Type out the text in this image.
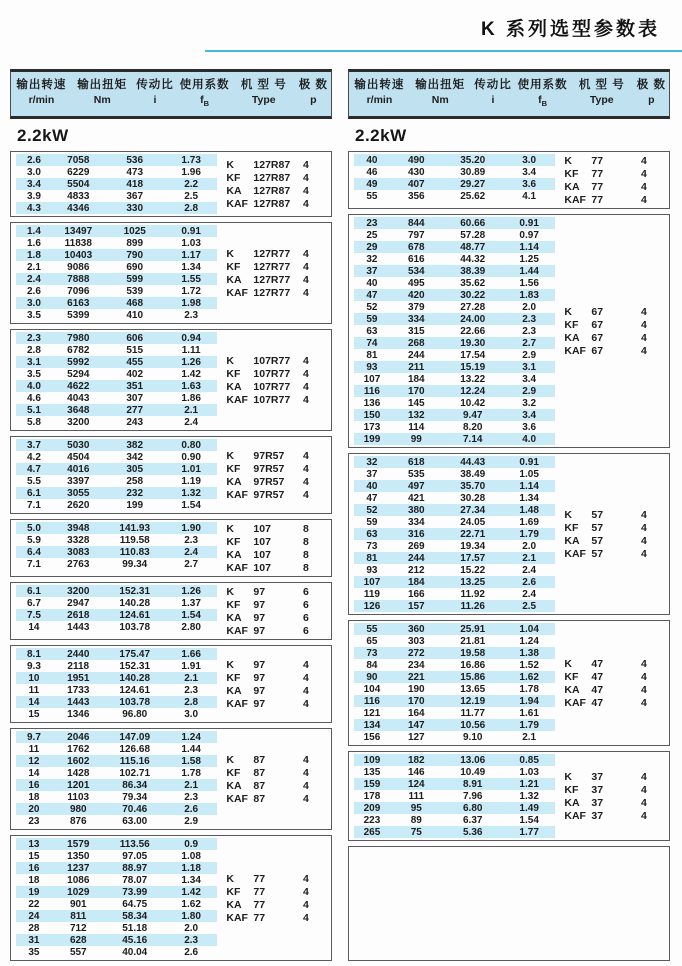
K 系列选型参数表
输出转速 输出扭矩 传动比 使用系数 机 型 号	极 数
r/min	Nm	i	$f_B$	Type	p
2.2kW
2.6	7058	536	1.73
3.0	6229	473	1.96
3.4	5504	418	2.2
3.9	4833	367	2.5
4.3	4346	330	2.8
K	127R87	4
KF	127R87	4
KA	127R87	4
KAF 127R87	4
1.4	13497	1025	0.91
1.6	11838	899	1.03
1.8	10403	790	1.17
2.1	9086	690	1.34
2.4	7888	599	1.55
2.6	7096	539	1.72
3.0	6163	468	1.98
3.5	5399	410	2.3
K	127R77	4
KF	127R77	4
KA	127R77	4
KAF 127R77	4
2.3	7980	606	0.94
2.8	6782	515	1.11
3.1	5992	455	1.26
3.5	5294	402	1.42
4.0	4622	351	1.63
4.6	4043	307	1.86
5.1	3648	277	2.1
5.8	3200	243	2.4
K	107R77	4
KF	107R77	4
KA	107R77	4
KAF 107R77	4
3.7	5030	382	0.80
4.2	4504	342	0.90
4.7	4016	305	1.01
5.5	3397	258	1.19
6.1	3055	232	1.32
7.1	2620	199	1.54
K	97R57	4
KF	97R57	4
KA	97R57	4
KAF 97R57	4
5.0	3948	141.93	1.90
5.9	3328	119.58	2.3
6.4	3083	110.83	2.4
7.1	2763	99.34	2.7
K	107	8
KF	107	8
KA	107	8
KAF 107	8
6.1	3200	152.31	1.26
6.7	2947	140.28	1.37
7.5	2618	124.61	1.54
14	1443	103.78	2.80
K	97	6
KF	97	6
KA	97	6
KAF 97	6
8.1	2440	175.47	1.66
9.3	2118	152.31	1.91
10	1951	140.28	2.1
11	1733	124.61	2.3
14	1443	103.78	2.8
15	1346	96.80	3.0
K	97	4
KF	97	4
KA	97	4
KAF 97	4
9.7	2046	147.09	1.24
11	1762	126.68	1.44
12	1602	115.16	1.58
14	1428	102.71	1.78
16	1201	86.34	2.1
18	1103	79.34	2.3
20	980	70.46	2.6
23	876	63.00	2.9
K	87	4
KF	87	4
KA	87	4
KAF 87	4
13	1579	113.56	0.9
15	1350	97.05	1.08
16	1237	88.97	1.18
18	1086	78.07	1.34
19	1029	73.99	1.42
22	901	64.75	1.62
24	811	58.34	1.80
28	712	51.18	2.0
31	628	45.16	2.3
35	557	40.04	2.6
K	77	4
KF	77	4
KA	77	4
KAF 77	4
输出转速 输出扭矩 传动比 使用系数 机 型 号	极 数
r/min	Nm	i	$f_B$	Type	p
2.2kW
40	490	35.20	3.0
46	430	30.89	3.4
49	407	29.27	3.6
55	356	25.62	4.1
K	77	4
KF	77	4
KA	77	4
KAF 77	4
23	844	60.66	0.91
25	797	57.28	0.97
29	678	48.77	1.14
32	616	44.32	1.25
37	534	38.39	1.44
40	495	35.62	1.56
47	420	30.22	1.83
52	379	27.28	2.0
59	334	24.00	2.3
63	315	22.66	2.3
74	268	19.30	2.7
81	244	17.54	2.9
93	211	15.19	3.1
107	184	13.22	3.4
116	170	12.24	2.9
136	145	10.42	3.2
150	132	9.47	3.4
173	114	8.20	3.6
199	99	7.14	4.0
K	67	4
KF	67	4
KA	67	4
KAF 67	4
32	618	44.43	0.91
37	535	38.49	1.05
40	497	35.70	1.14
47	421	30.28	1.34
52	380	27.34	1.48
59	334	24.05	1.69
63	316	22.71	1.79
73	269	19.34	2.0
81	244	17.57	2.1
93	212	15.22	2.4
107	184	13.25	2.6
119	166	11.92	2.4
126	157	11.26	2.5
K	57	4
KF	57	4
KA	57	4
KAF 57	4
55	360	25.91	1.04
65	303	21.81	1.24
73	272	19.58	1.38
84	234	16.86	1.52
90	221	15.86	1.62
104	190	13.65	1.78
116	170	12.19	1.94
121	164	11.77	1.61
134	147	10.56	1.79
156	127	9.10	2.1
K	47	4
KF	47	4
KA	47	4
KAF 47	4
109	182	13.06	0.85
135	146	10.49	1.03
159	124	8.91	1.21
178	111	7.96	1.32
209	95	6.80	1.49
223	89	6.37	1.54
265	75	5.36	1.77
K	37	4
KF	37	4
KA	37	4
KAF 37	4
